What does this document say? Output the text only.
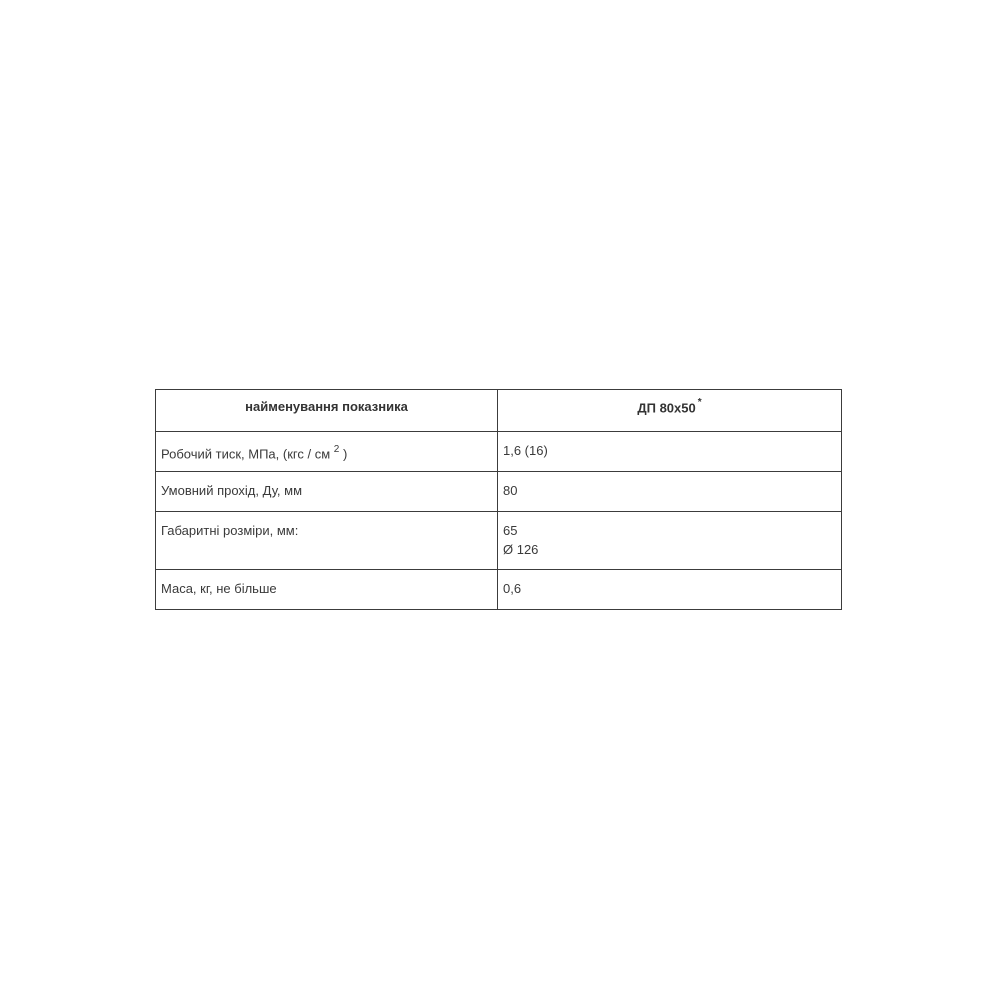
найменування показника	ДП 80х50 *
Робочий тиск, МПа, (кгс / см $^2$ )	1,6 (16)

Умовний прохід, Ду, мм	80

Габаритні розміри, мм:	65
Ø 126

Маса, кг, не більше	0,6
